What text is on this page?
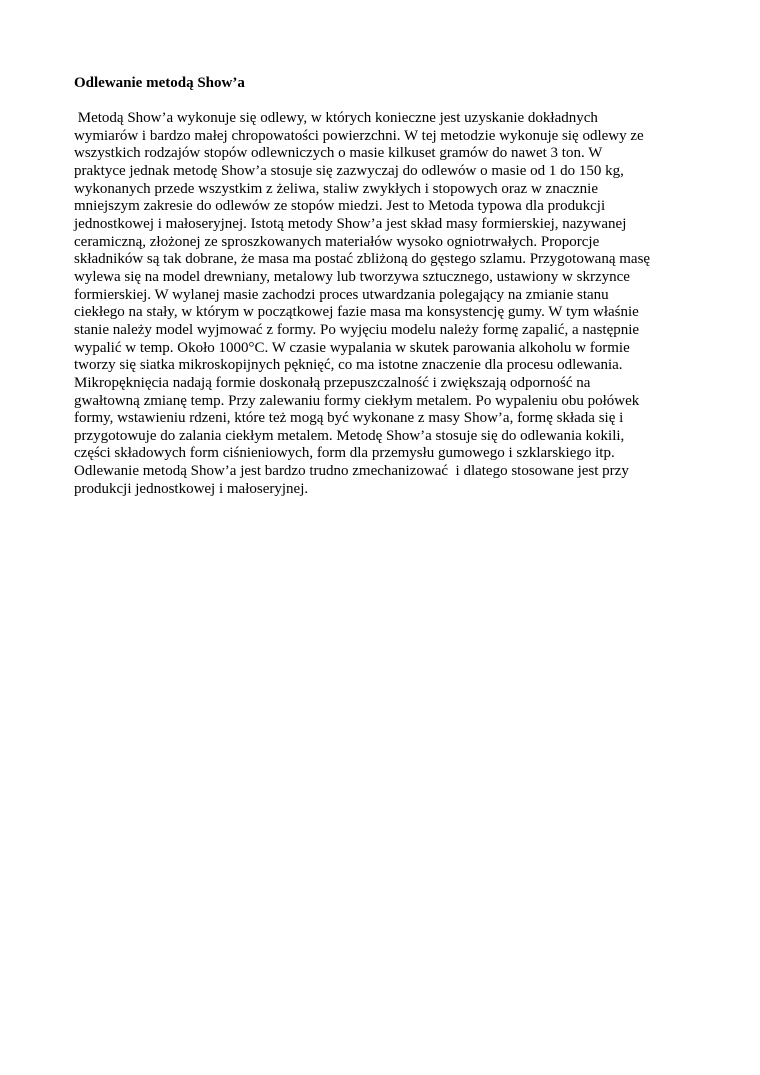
Odlewanie metodą Show’a
Metodą Show’a wykonuje się odlewy, w których konieczne jest uzyskanie dokładnych
wymiarów i bardzo małej chropowatości powierzchni. W tej metodzie wykonuje się odlewy ze
wszystkich rodzajów stopów odlewniczych o masie kilkuset gramów do nawet 3 ton. W
praktyce jednak metodę Show’a stosuje się zazwyczaj do odlewów o masie od 1 do 150 kg,
wykonanych przede wszystkim z żeliwa, staliw zwykłych i stopowych oraz w znacznie
mniejszym zakresie do odlewów ze stopów miedzi. Jest to Metoda typowa dla produkcji
jednostkowej i małoseryjnej. Istotą metody Show’a jest skład masy formierskiej, nazywanej
ceramiczną, złożonej ze sproszkowanych materiałów wysoko ogniotrwałych. Proporcje
składników są tak dobrane, że masa ma postać zbliżoną do gęstego szlamu. Przygotowaną masę
wylewa się na model drewniany, metalowy lub tworzywa sztucznego, ustawiony w skrzynce
formierskiej. W wylanej masie zachodzi proces utwardzania polegający na zmianie stanu
ciekłego na stały, w którym w początkowej fazie masa ma konsystencję gumy. W tym właśnie
stanie należy model wyjmować z formy. Po wyjęciu modelu należy formę zapalić, a następnie
wypalić w temp. Około 1000°C. W czasie wypalania w skutek parowania alkoholu w formie
tworzy się siatka mikroskopijnych pęknięć, co ma istotne znaczenie dla procesu odlewania.
Mikropęknięcia nadają formie doskonałą przepuszczalność i zwiększają odporność na
gwałtowną zmianę temp. Przy zalewaniu formy ciekłym metalem. Po wypaleniu obu połówek
formy, wstawieniu rdzeni, które też mogą być wykonane z masy Show’a, formę składa się i
przygotowuje do zalania ciekłym metalem. Metodę Show’a stosuje się do odlewania kokili,
części składowych form ciśnieniowych, form dla przemysłu gumowego i szklarskiego itp.
Odlewanie metodą Show’a jest bardzo trudno zmechanizować  i dlatego stosowane jest przy
produkcji jednostkowej i małoseryjnej.
